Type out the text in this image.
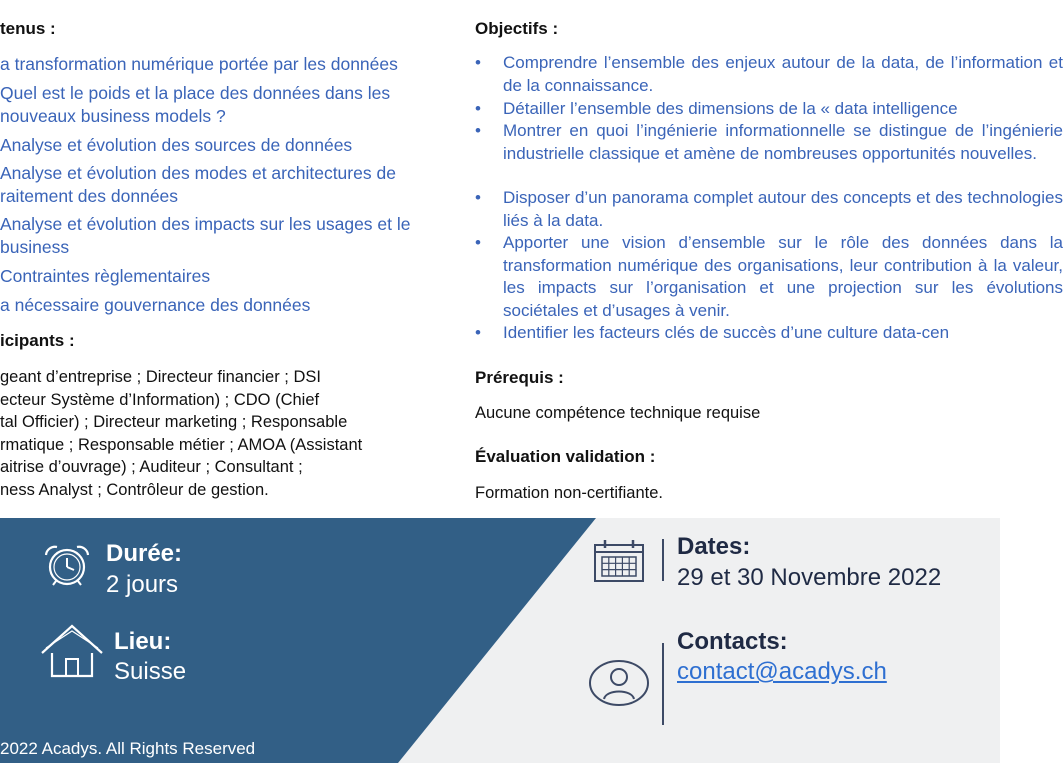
tenus :
a transformation numérique portée par les données
Quel est le poids et la place des données dans les
nouveaux business models ?
Analyse et évolution des sources de données
Analyse et évolution des modes et architectures de
raitement des données
Analyse et évolution des impacts sur les usages et le
business
Contraintes règlementaires
a nécessaire gouvernance des données
icipants :
geant d’entreprise ; Directeur financier ; DSI
ecteur Système d’Information) ; CDO (Chief
tal Officier) ; Directeur marketing ; Responsable
rmatique ; Responsable métier ; AMOA (Assistant
aitrise d’ouvrage) ; Auditeur ; Consultant ;
ness Analyst ; Contrôleur de gestion.
Objectifs :
• Comprendre l’ensemble des enjeux autour de la data, de l’information et de la connaissance.
• Détailler l’ensemble des dimensions de la « data intelligence
• Montrer en quoi l’ingénierie informationnelle se distingue de l’ingénierie industrielle classique et amène de nombreuses opportunités nouvelles.
• Disposer d’un panorama complet autour des concepts et des technologies liés à la data.
• Apporter une vision d’ensemble sur le rôle des données dans la transformation numérique des organisations, leur contribution à la valeur, les impacts sur l’organisation et une projection sur les évolutions sociétales et d’usages à venir.
• Identifier les facteurs clés de succès d’une culture data-cen
Prérequis :
Aucune compétence technique requise
Évaluation validation :
Formation non-certifiante.
Durée:
2 jours
Lieu:
Suisse
2022 Acadys. All Rights Reserved
Dates:
29 et 30 Novembre 2022
Contacts:
contact@acadys.ch
